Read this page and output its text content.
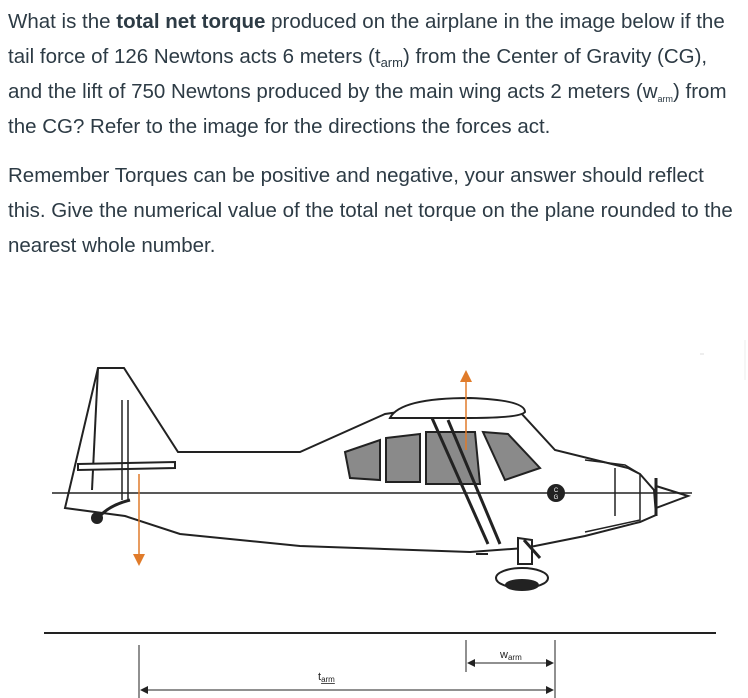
What is the total net torque produced on the airplane in the image below if the tail force of 126 Newtons acts 6 meters $(t_{arm})$ from the Center of Gravity (CG), and the lift of 750 Newtons produced by the main wing acts 2 meters $(w_{arm})$ from the CG? Refer to the image for the directions the forces act.

Remember Torques can be positive and negative, your answer should reflect this. Give the numerical value of the total net torque on the plane rounded to the nearest whole number.

C
G
warm
tarm
